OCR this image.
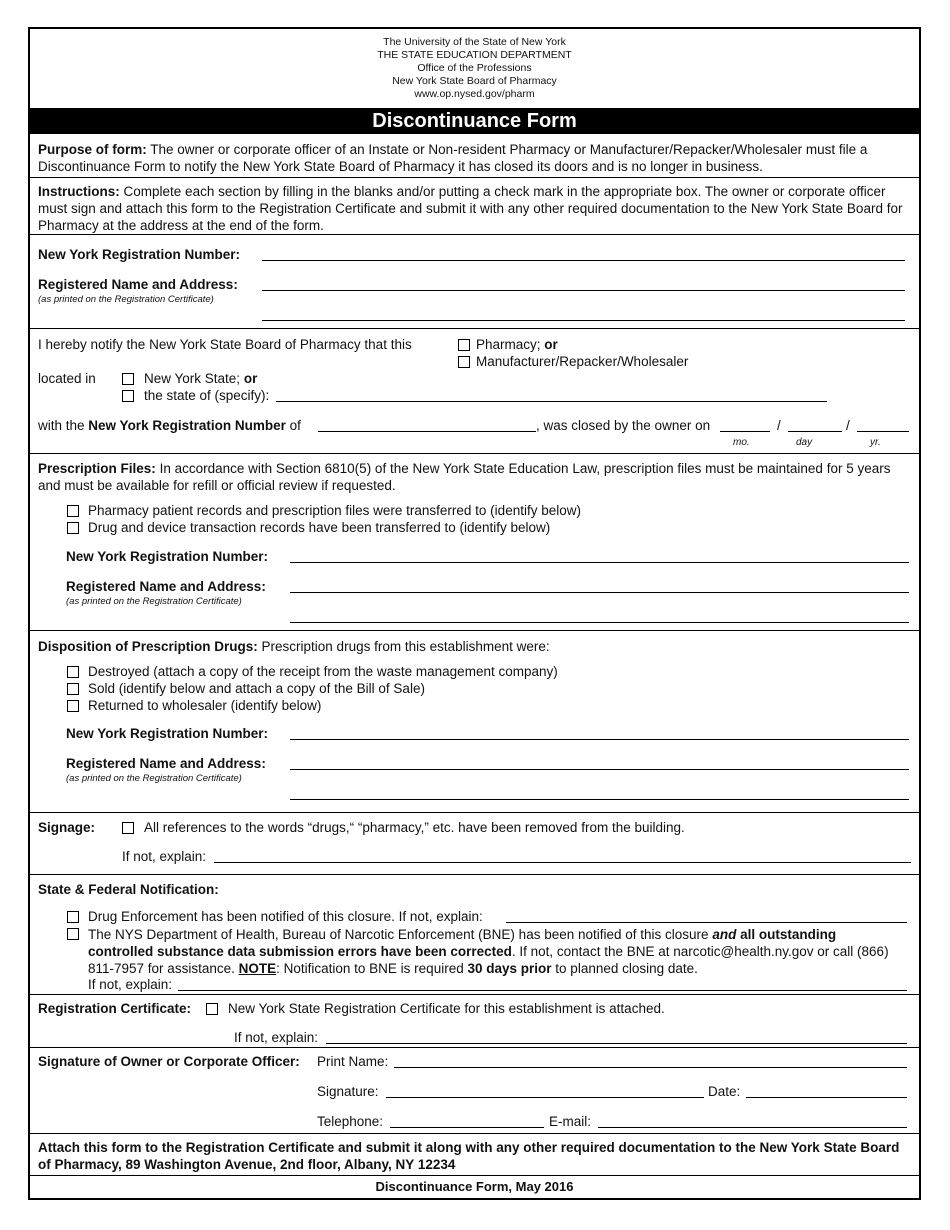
The University of the State of New York
THE STATE EDUCATION DEPARTMENT
Office of the Professions
New York State Board of Pharmacy
www.op.nysed.gov/pharm
Discontinuance Form
Purpose of form: The owner or corporate officer of an Instate or Non-resident Pharmacy or Manufacturer/Repacker/Wholesaler must file a Discontinuance Form to notify the New York State Board of Pharmacy it has closed its doors and is no longer in business.
Instructions: Complete each section by filling in the blanks and/or putting a check mark in the appropriate box. The owner or corporate officer must sign and attach this form to the Registration Certificate and submit it with any other required documentation to the New York State Board for Pharmacy at the address at the end of the form.
New York Registration Number:
Registered Name and Address:
(as printed on the Registration Certificate)
I hereby notify the New York State Board of Pharmacy that this	Pharmacy; or
Manufacturer/Repacker/Wholesaler
located in	New York State; or
the state of (specify):
with the New York Registration Number of	, was closed by the owner on	/	/
mo.	day	yr.
Prescription Files: In accordance with Section 6810(5) of the New York State Education Law, prescription files must be maintained for 5 years and must be available for refill or official review if requested.
Pharmacy patient records and prescription files were transferred to (identify below)
Drug and device transaction records have been transferred to (identify below)
New York Registration Number:
Registered Name and Address:
(as printed on the Registration Certificate)
Disposition of Prescription Drugs: Prescription drugs from this establishment were:
Destroyed (attach a copy of the receipt from the waste management company)
Sold (identify below and attach a copy of the Bill of Sale)
Returned to wholesaler (identify below)
New York Registration Number:
Registered Name and Address:
(as printed on the Registration Certificate)
Signage:	All references to the words “drugs,“ “pharmacy,” etc. have been removed from the building.
If not, explain:
State & Federal Notification:
Drug Enforcement has been notified of this closure. If not, explain:
The NYS Department of Health, Bureau of Narcotic Enforcement (BNE) has been notified of this closure and all outstanding controlled substance data submission errors have been corrected. If not, contact the BNE at narcotic@health.ny.gov or call (866) 811-7957 for assistance. NOTE: Notification to BNE is required 30 days prior to planned closing date.
If not, explain:
Registration Certificate:	New York State Registration Certificate for this establishment is attached.
If not, explain:
Signature of Owner or Corporate Officer: Print Name:
Signature:	Date:
Telephone:	E-mail:
Attach this form to the Registration Certificate and submit it along with any other required documentation to the New York State Board of Pharmacy, 89 Washington Avenue, 2nd floor, Albany, NY 12234
Discontinuance Form, May 2016
